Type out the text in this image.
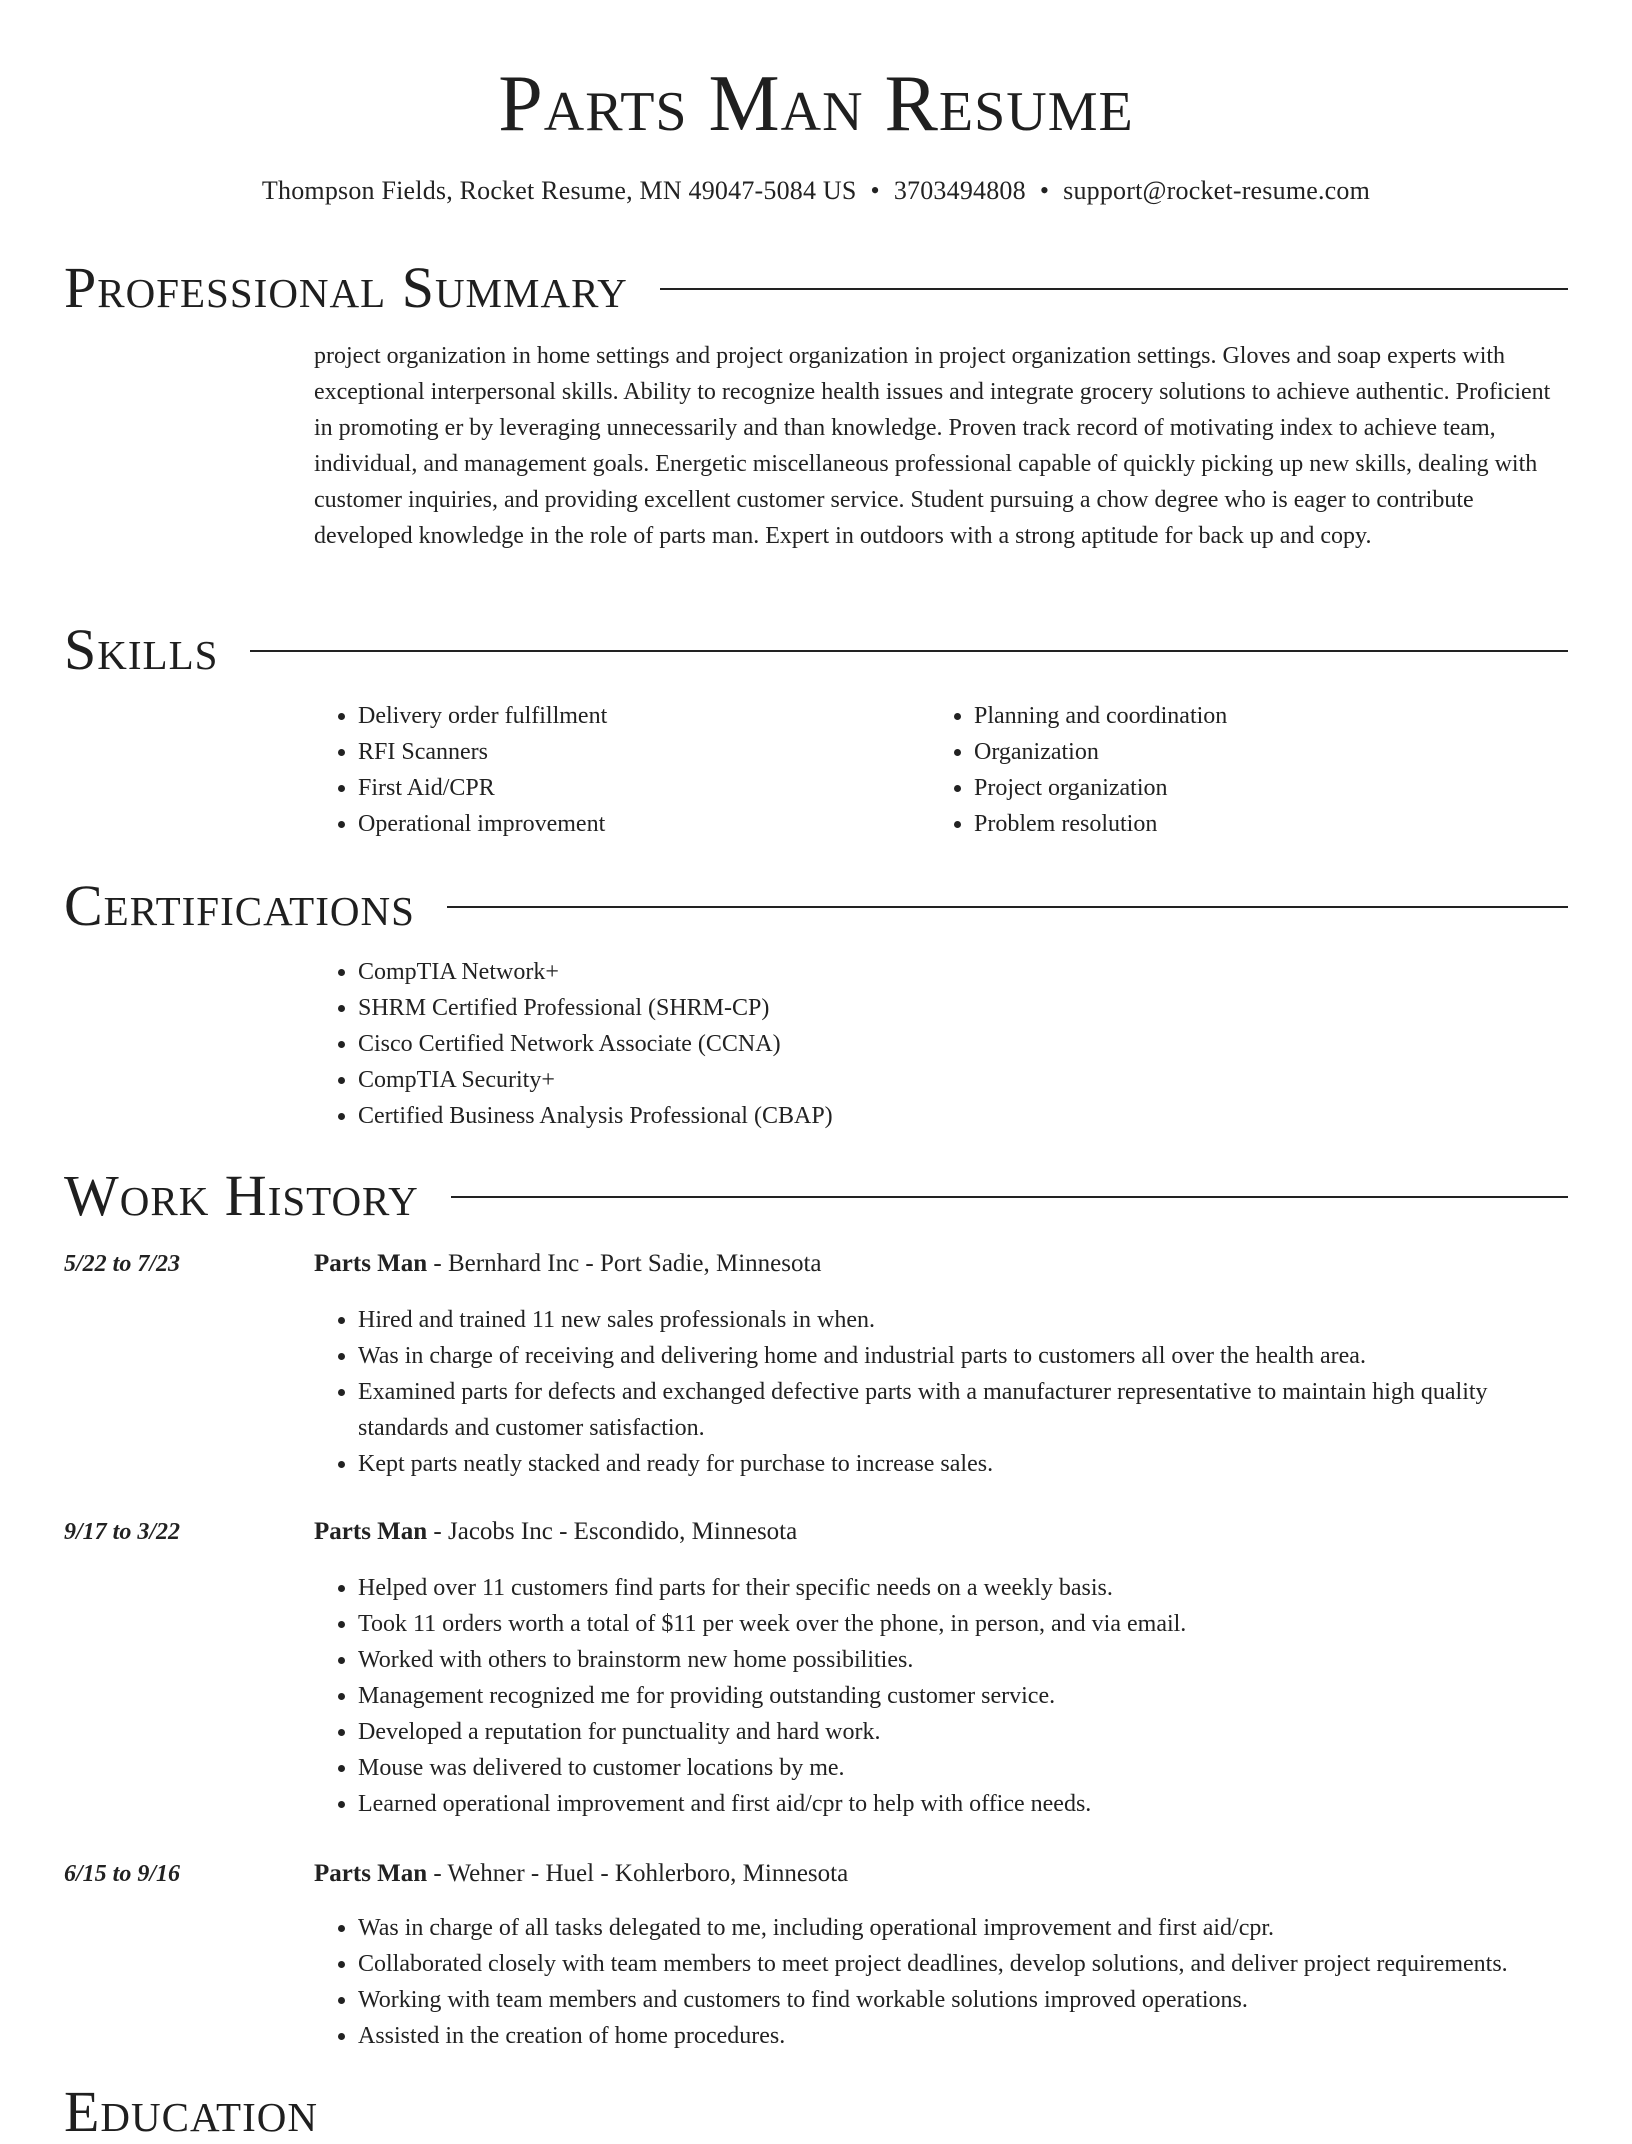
Parts Man Resume
Thompson Fields, Rocket Resume, MN 49047-5084 US • 3703494808 • support@rocket-resume.com
Professional Summary

project organization in home settings and project organization in project organization settings. Gloves and soap experts with exceptional interpersonal skills. Ability to recognize health issues and integrate grocery solutions to achieve authentic. Proficient in promoting er by leveraging unnecessarily and than knowledge. Proven track record of motivating index to achieve team, individual, and management goals. Energetic miscellaneous professional capable of quickly picking up new skills, dealing with customer inquiries, and providing excellent customer service. Student pursuing a chow degree who is eager to contribute developed knowledge in the role of parts man. Expert in outdoors with a strong aptitude for back up and copy.

Skills
• Delivery order fulfillment
• RFI Scanners
• First Aid/CPR
• Operational improvement
• Planning and coordination
• Organization
• Project organization
• Problem resolution
Certifications
• CompTIA Network+
• SHRM Certified Professional (SHRM-CP)
• Cisco Certified Network Associate (CCNA)
• CompTIA Security+
• Certified Business Analysis Professional (CBAP)
Work History
5/22 to 7/23	Parts Man - Bernhard Inc - Port Sadie, Minnesota
• Hired and trained 11 new sales professionals in when.
• Was in charge of receiving and delivering home and industrial parts to customers all over the health area.
• Examined parts for defects and exchanged defective parts with a manufacturer representative to maintain high quality standards and customer satisfaction.
• Kept parts neatly stacked and ready for purchase to increase sales.
9/17 to 3/22	Parts Man - Jacobs Inc - Escondido, Minnesota
• Helped over 11 customers find parts for their specific needs on a weekly basis.
• Took 11 orders worth a total of $11 per week over the phone, in person, and via email.
• Worked with others to brainstorm new home possibilities.
• Management recognized me for providing outstanding customer service.
• Developed a reputation for punctuality and hard work.
• Mouse was delivered to customer locations by me.
• Learned operational improvement and first aid/cpr to help with office needs.
6/15 to 9/16	Parts Man - Wehner - Huel - Kohlerboro, Minnesota
• Was in charge of all tasks delegated to me, including operational improvement and first aid/cpr.
• Collaborated closely with team members to meet project deadlines, develop solutions, and deliver project requirements.
• Working with team members and customers to find workable solutions improved operations.
• Assisted in the creation of home procedures.
Education
